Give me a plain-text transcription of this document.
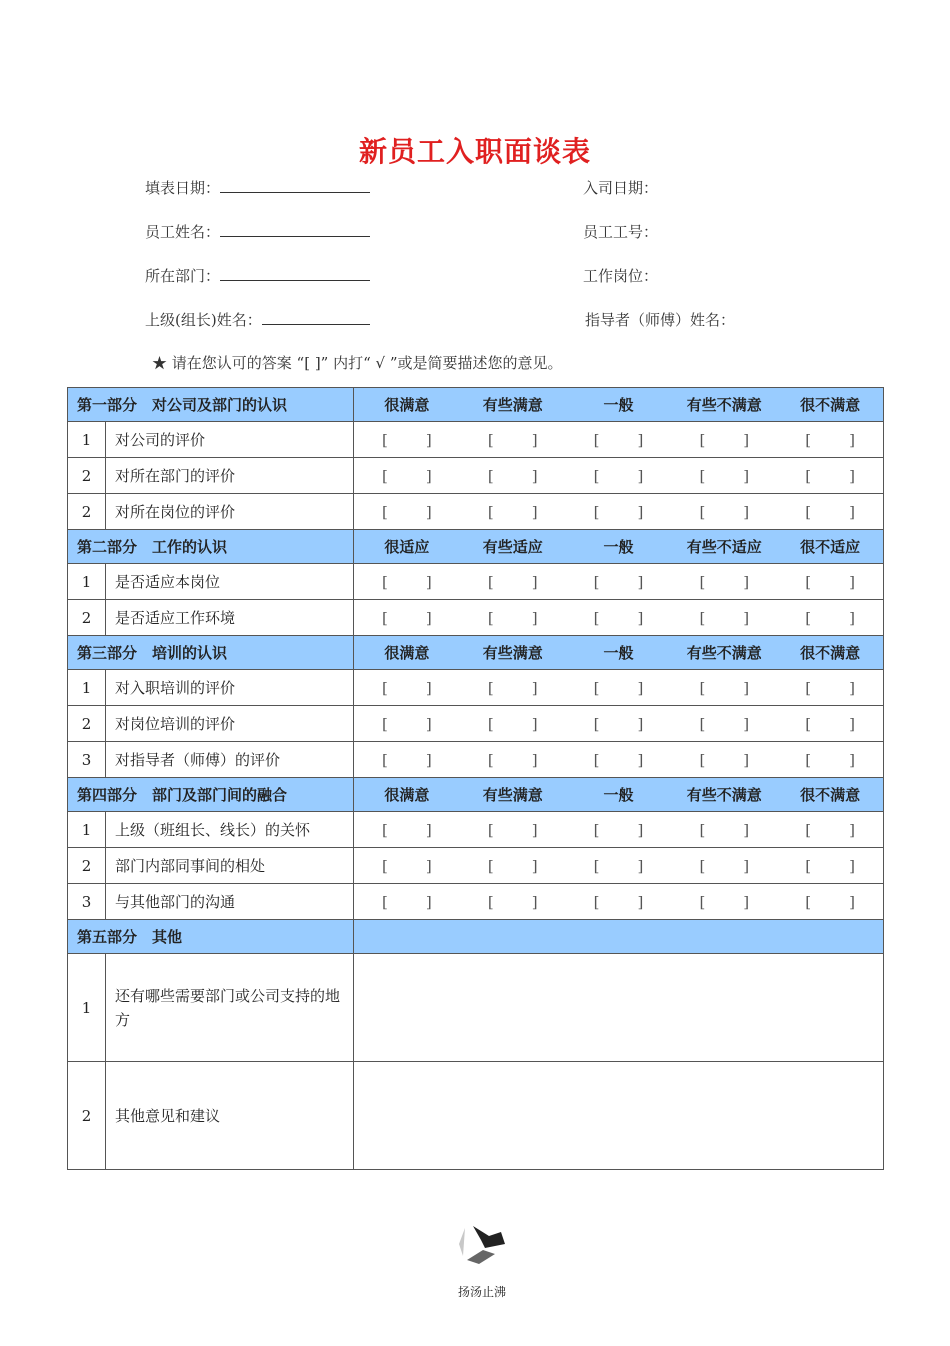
新员工入职面谈表
填表日期：	入司日期：
员工姓名：	员工工号：
所在部门：	工作岗位：
上级(组长)姓名：	指导者（师傅）姓名：
★ 请在您认可的答案 “[ ]” 内打“ √ ”或是简要描述您的意见。
第一部分　对公司及部门的认识		很满意 有些满意 一般 有些不满意 很不满意

1	对公司的评价	[ ] [ ] [ ] [ ] [ ]

2	对所在部门的评价	[ ] [ ] [ ] [ ] [ ]

2	对所在岗位的评价	[ ] [ ] [ ] [ ] [ ]

第二部分　工作的认识		很适应 有些适应 一般 有些不适应 很不适应

1	是否适应本岗位	[ ] [ ] [ ] [ ] [ ]

2	是否适应工作环境	[ ] [ ] [ ] [ ] [ ]

第三部分　培训的认识		很满意 有些满意 一般 有些不满意 很不满意

1	对入职培训的评价	[ ] [ ] [ ] [ ] [ ]

2	对岗位培训的评价	[ ] [ ] [ ] [ ] [ ]

3	对指导者（师傅）的评价	[ ] [ ] [ ] [ ] [ ]

第四部分　部门及部门间的融合		很满意 有些满意 一般 有些不满意 很不满意

1	上级（班组长、线长）的关怀	[ ] [ ] [ ] [ ] [ ]

2	部门内部同事间的相处	[ ] [ ] [ ] [ ] [ ]

3	与其他部门的沟通	[ ] [ ] [ ] [ ] [ ]

第五部分　其他		
1	还有哪些需要部门或公司支持的地方	
2	其他意见和建议	
扬汤止沸
